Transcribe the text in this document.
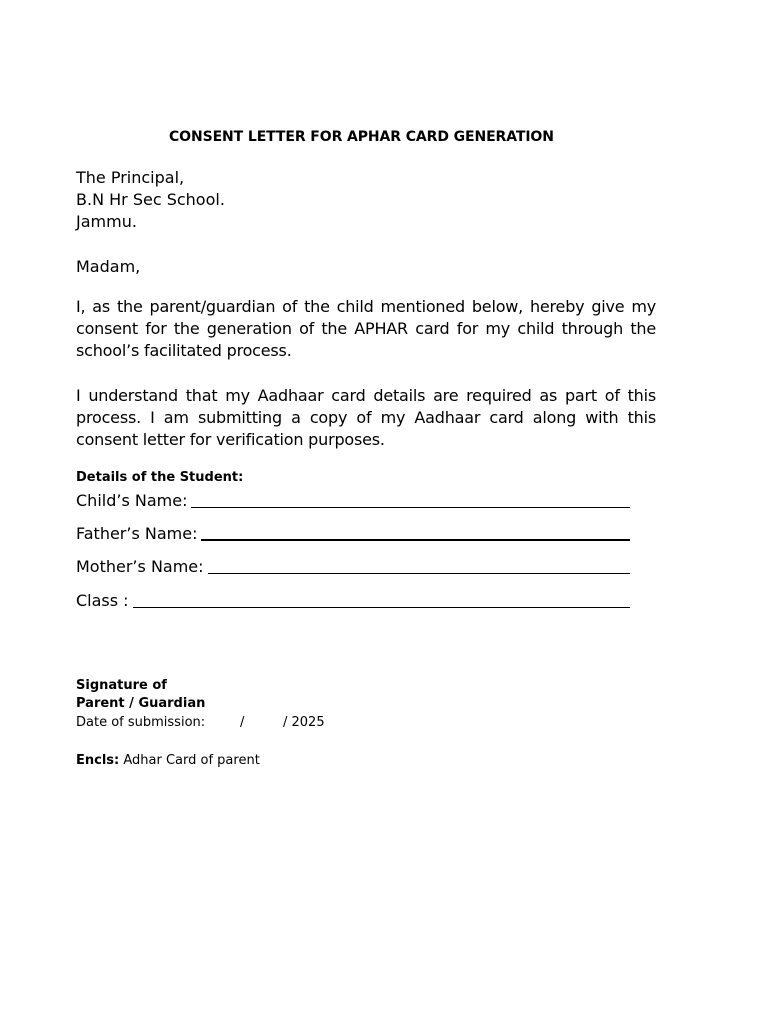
CONSENT LETTER FOR APHAR CARD GENERATION
The Principal,
B.N Hr Sec School.
Jammu.
Madam,
I, as the parent/guardian of the child mentioned below, hereby give my consent for the generation of the APHAR card for my child through the school’s facilitated process.
I understand that my Aadhaar card details are required as part of this process. I am submitting a copy of my Aadhaar card along with this consent letter for verification purposes.
Details of the Student:
Child’s Name:
Father’s Name:
Mother’s Name:
Class :
Signature of
Parent / Guardian
Date of submission:	/	/ 2025
Encls: Adhar Card of parent
